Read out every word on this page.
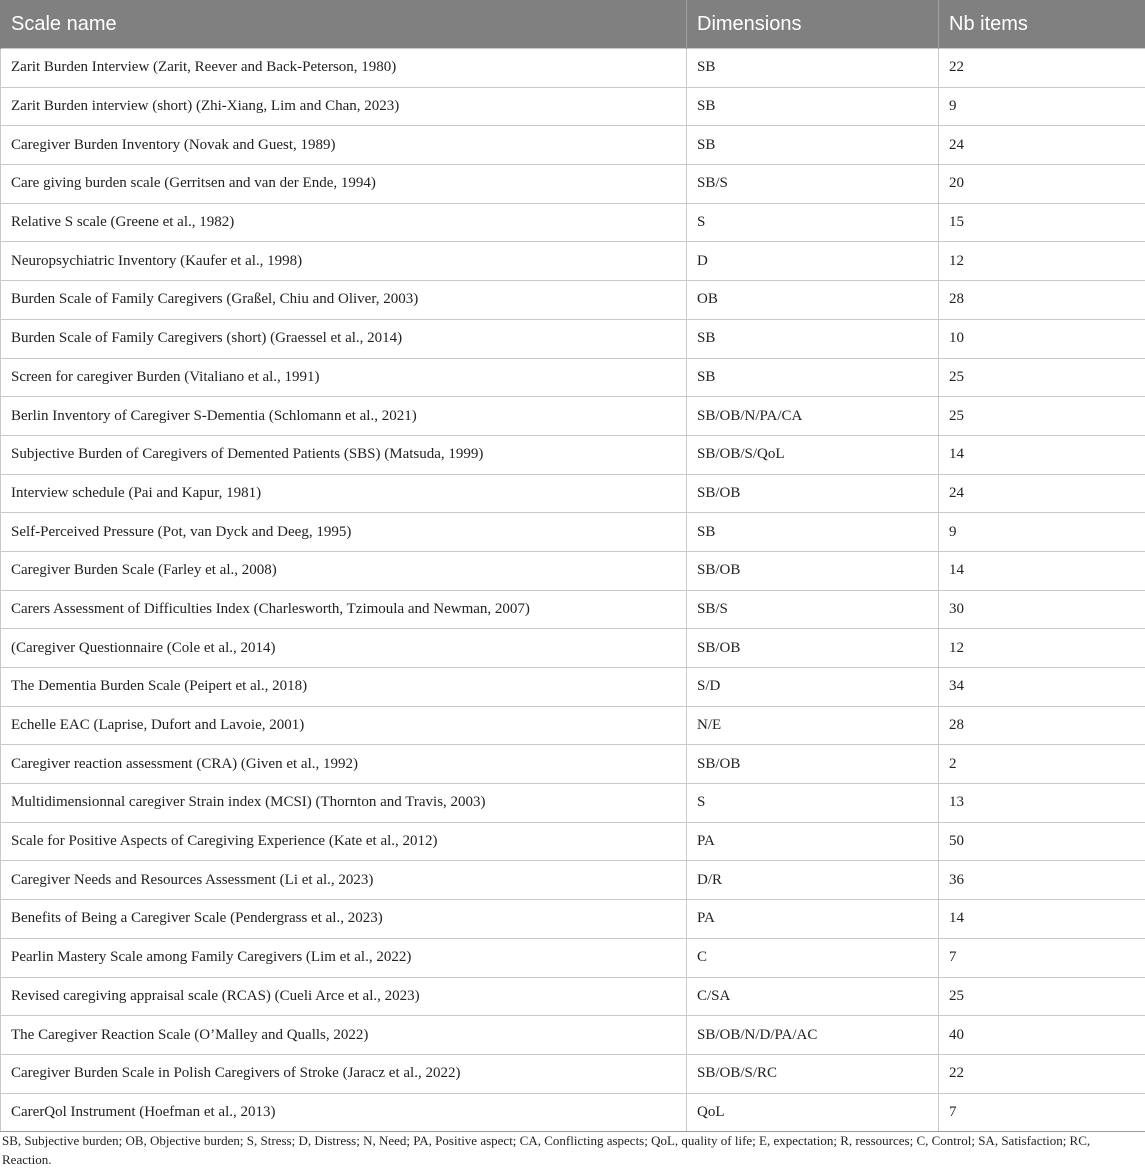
Scale name	Dimensions	Nb items
Zarit Burden Interview (Zarit, Reever and Back-Peterson, 1980)	SB	22
Zarit Burden interview (short) (Zhi-Xiang, Lim and Chan, 2023)	SB	9
Caregiver Burden Inventory (Novak and Guest, 1989)	SB	24
Care giving burden scale (Gerritsen and van der Ende, 1994)	SB/S	20
Relative S scale (Greene et al., 1982)	S	15
Neuropsychiatric Inventory (Kaufer et al., 1998)	D	12
Burden Scale of Family Caregivers (Graßel, Chiu and Oliver, 2003)	OB	28
Burden Scale of Family Caregivers (short) (Graessel et al., 2014)	SB	10
Screen for caregiver Burden (Vitaliano et al., 1991)	SB	25
Berlin Inventory of Caregiver S-Dementia (Schlomann et al., 2021)	SB/OB/N/PA/CA	25
Subjective Burden of Caregivers of Demented Patients (SBS) (Matsuda, 1999)	SB/OB/S/QoL	14
Interview schedule (Pai and Kapur, 1981)	SB/OB	24
Self-Perceived Pressure (Pot, van Dyck and Deeg, 1995)	SB	9
Caregiver Burden Scale (Farley et al., 2008)	SB/OB	14
Carers Assessment of Difficulties Index (Charlesworth, Tzimoula and Newman, 2007)	SB/S	30
(Caregiver Questionnaire (Cole et al., 2014)	SB/OB	12
The Dementia Burden Scale (Peipert et al., 2018)	S/D	34
Echelle EAC (Laprise, Dufort and Lavoie, 2001)	N/E	28
Caregiver reaction assessment (CRA) (Given et al., 1992)	SB/OB	2
Multidimensionnal caregiver Strain index (MCSI) (Thornton and Travis, 2003)	S	13
Scale for Positive Aspects of Caregiving Experience (Kate et al., 2012)	PA	50
Caregiver Needs and Resources Assessment (Li et al., 2023)	D/R	36
Benefits of Being a Caregiver Scale (Pendergrass et al., 2023)	PA	14
Pearlin Mastery Scale among Family Caregivers (Lim et al., 2022)	C	7
Revised caregiving appraisal scale (RCAS) (Cueli Arce et al., 2023)	C/SA	25
The Caregiver Reaction Scale (O’Malley and Qualls, 2022)	SB/OB/N/D/PA/AC	40
Caregiver Burden Scale in Polish Caregivers of Stroke (Jaracz et al., 2022)	SB/OB/S/RC	22
CarerQol Instrument (Hoefman et al., 2013)	QoL	7
SB, Subjective burden; OB, Objective burden; S, Stress; D, Distress; N, Need; PA, Positive aspect; CA, Conflicting aspects; QoL, quality of life; E, expectation; R, ressources; C, Control; SA, Satisfaction; RC, Reaction.
